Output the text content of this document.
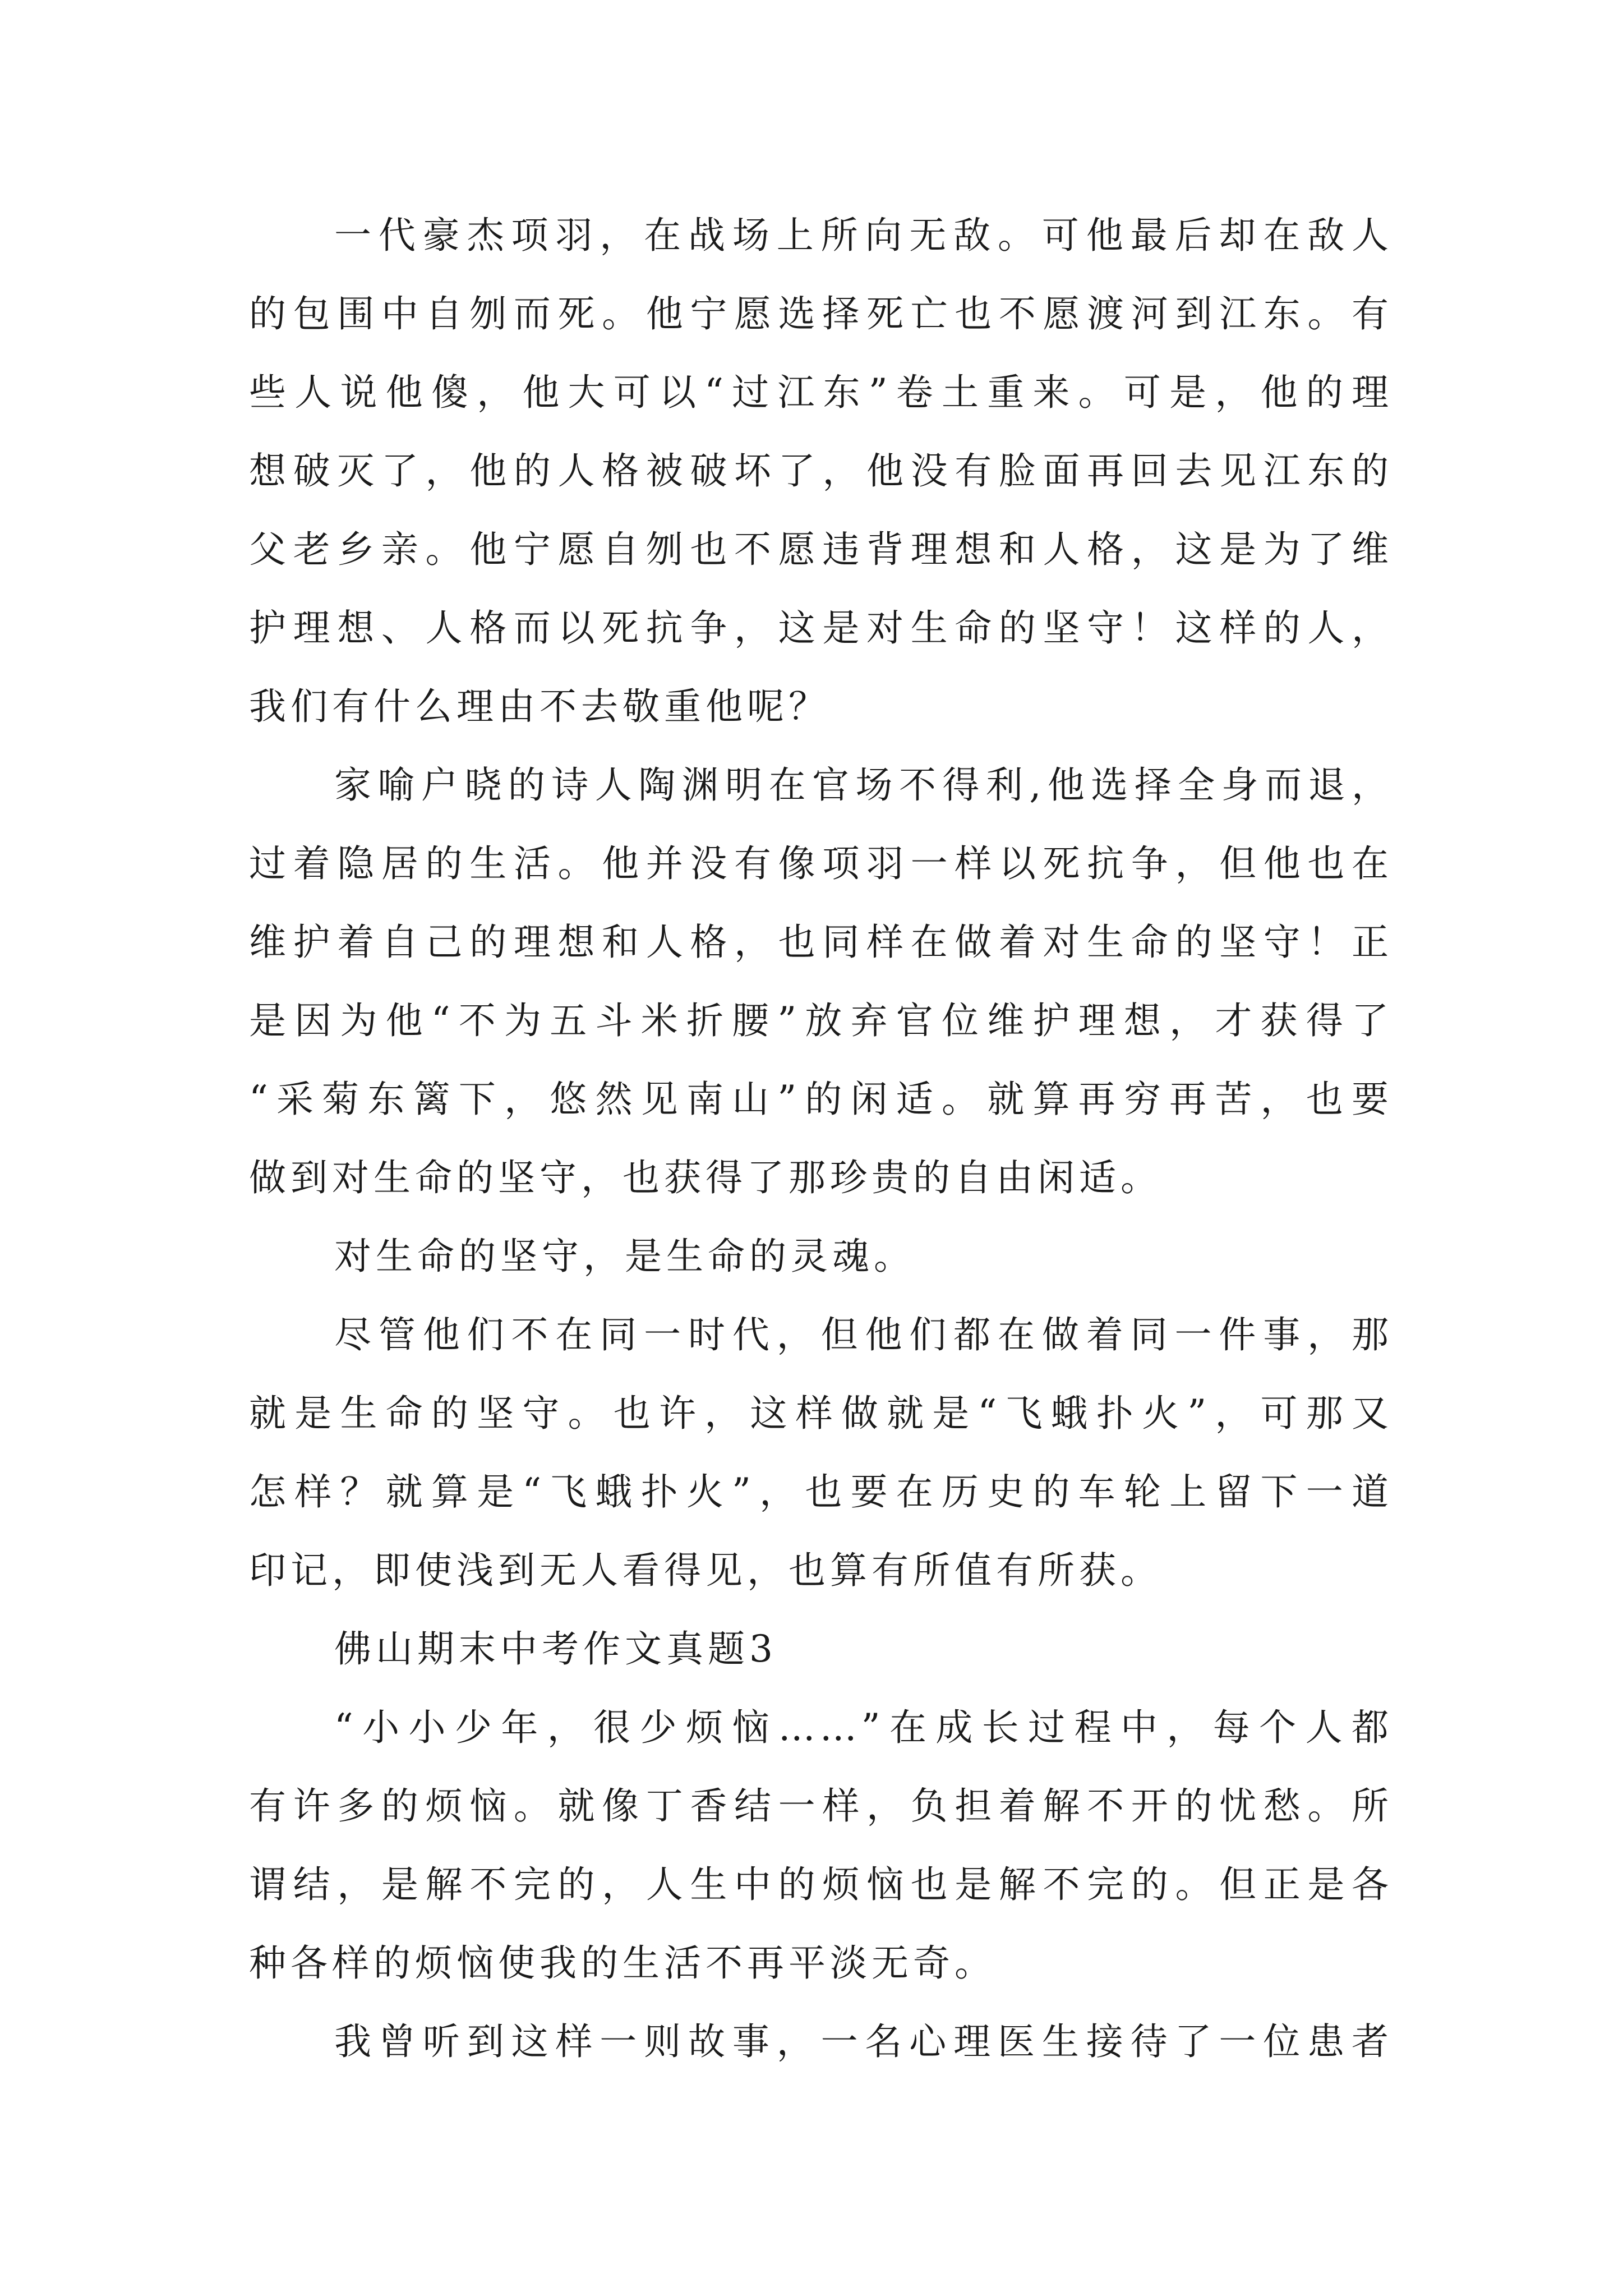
一代豪杰项羽，在战场上所向无敌。可他最后却在敌人
的包围中自刎而死。他宁愿选择死亡也不愿渡河到江东。有
些人说他傻，他大可以“过江东”卷土重来。可是，他的理
想破灭了，他的人格被破坏了，他没有脸面再回去见江东的
父老乡亲。他宁愿自刎也不愿违背理想和人格，这是为了维
护理想、人格而以死抗争，这是对生命的坚守！这样的人，
我们有什么理由不去敬重他呢？
家喻户晓的诗人陶渊明在官场不得利,他选择全身而退，
过着隐居的生活。他并没有像项羽一样以死抗争，但他也在
维护着自己的理想和人格，也同样在做着对生命的坚守！正
是因为他“不为五斗米折腰”放弃官位维护理想，才获得了
“采菊东篱下，悠然见南山”的闲适。就算再穷再苦，也要
做到对生命的坚守，也获得了那珍贵的自由闲适。
对生命的坚守，是生命的灵魂。
尽管他们不在同一时代，但他们都在做着同一件事，那
就是生命的坚守。也许，这样做就是“飞蛾扑火”，可那又
怎样？就算是“飞蛾扑火”，也要在历史的车轮上留下一道
印记，即使浅到无人看得见，也算有所值有所获。
佛山期末中考作文真题3
“小小少年，很少烦恼……”在成长过程中，每个人都
有许多的烦恼。就像丁香结一样，负担着解不开的忧愁。所
谓结，是解不完的，人生中的烦恼也是解不完的。但正是各
种各样的烦恼使我的生活不再平淡无奇。
我曾听到这样一则故事，一名心理医生接待了一位患者
